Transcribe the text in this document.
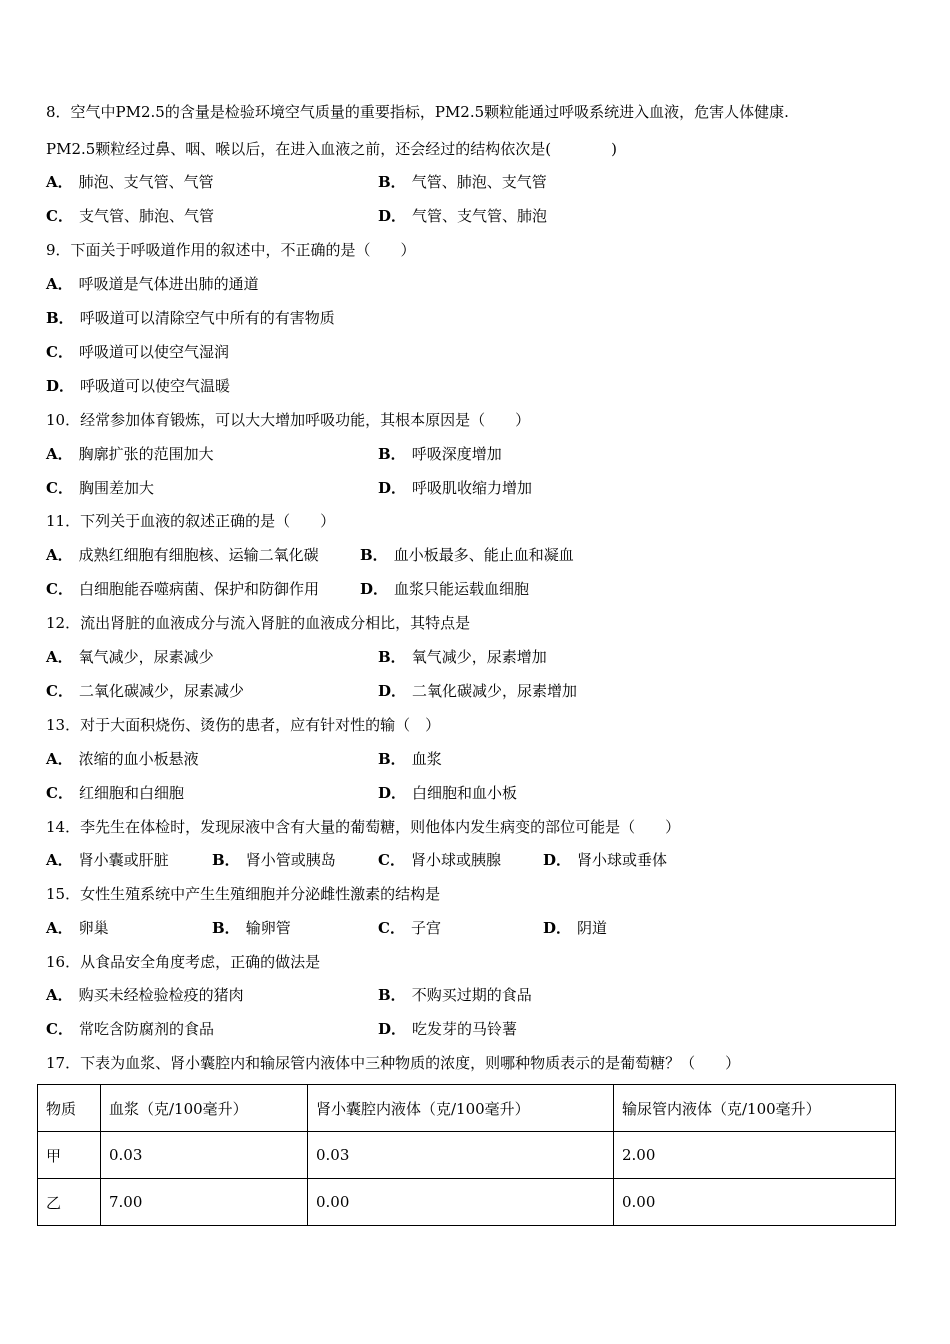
8．空气中PM2.5的含量是检验环境空气质量的重要指标，PM2.5颗粒能通过呼吸系统进入血液，危害人体健康.
PM2.5颗粒经过鼻、咽、喉以后，在进入血液之前，还会经过的结构依次是(　　　　)
A． 肺泡、支气管、气管	B． 气管、肺泡、支气管
C． 支气管、肺泡、气管	D． 气管、支气管、肺泡
9．下面关于呼吸道作用的叙述中，不正确的是（　　）
A． 呼吸道是气体进出肺的通道
B． 呼吸道可以清除空气中所有的有害物质
C． 呼吸道可以使空气湿润
D． 呼吸道可以使空气温暖
10．经常参加体育锻炼，可以大大增加呼吸功能，其根本原因是（　　）
A． 胸廓扩张的范围加大	B． 呼吸深度增加
C． 胸围差加大	D． 呼吸肌收缩力增加
11．下列关于血液的叙述正确的是（　　）
A． 成熟红细胞有细胞核、运输二氧化碳	B． 血小板最多、能止血和凝血
C． 白细胞能吞噬病菌、保护和防御作用	D． 血浆只能运载血细胞
12．流出肾脏的血液成分与流入肾脏的血液成分相比，其特点是
A． 氧气减少，尿素减少	B． 氧气减少，尿素增加
C． 二氧化碳减少，尿素减少	D． 二氧化碳减少，尿素增加
13．对于大面积烧伤、烫伤的患者，应有针对性的输（　）
A． 浓缩的血小板悬液	B． 血浆
C． 红细胞和白细胞	D． 白细胞和血小板
14．李先生在体检时，发现尿液中含有大量的葡萄糖，则他体内发生病变的部位可能是（　　）
A． 肾小囊或肝脏	B． 肾小管或胰岛	C． 肾小球或胰腺	D． 肾小球或垂体
15．女性生殖系统中产生生殖细胞并分泌雌性激素的结构是
A． 卵巢	B． 输卵管	C． 子宫	D． 阴道
16．从食品安全角度考虑，正确的做法是
A． 购买未经检验检疫的猪肉	B． 不购买过期的食品
C． 常吃含防腐剂的食品	D． 吃发芽的马铃薯
17．下表为血浆、肾小囊腔内和输尿管内液体中三种物质的浓度，则哪种物质表示的是葡萄糖？（　　）
物质	血浆（克/100毫升）	肾小囊腔内液体（克/100毫升）	输尿管内液体（克/100毫升）
甲	0.03	0.03	2.00
乙	7.00	0.00	0.00
